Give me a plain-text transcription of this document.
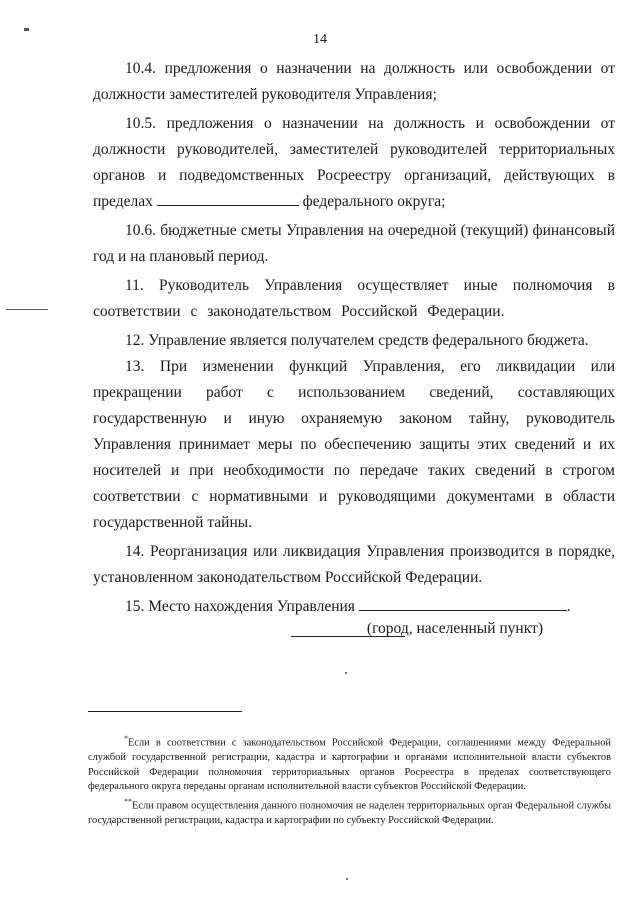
14

10.4. предложения о назначении на должность или освобождении от должности заместителей руководителя Управления;

10.5. предложения о назначении на должность и освобождении от должности руководителей, заместителей руководителей территориальных органов и подведомственных Росреестру организаций, действующих в пределах	федерального округа;

10.6. бюджетные сметы Управления на очередной (текущий) финансовый год и на плановый период.

11. Руководитель Управления осуществляет иные полномочия в соответствии с законодательством Российской Федерации.

12. Управление является получателем средств федерального бюджета.

13. При изменении функций Управления, его ликвидации или прекращении работ с использованием сведений, составляющих государственную и иную охраняемую законом тайну, руководитель Управления принимает меры по обеспечению защиты этих сведений и их носителей и при необходимости по передаче таких сведений в строгом соответствии с нормативными и руководящими документами в области государственной тайны.

14. Реорганизация или ликвидация Управления производится в порядке, установленном законодательством Российской Федерации.

15. Место нахождения Управления	.

(город, населенный пункт)

*Если в соответствии с законодательством Российской Федерации, соглашениями между Федеральной службой государственной регистрации, кадастра и картографии и органами исполнительной власти субъектов Российской Федерации полномочия территориальных органов Росреестра в пределах соответствующего федерального округа переданы органам исполнительной власти субъектов Российской Федерации.

**Если правом осуществления данного полномочия не наделен территориальных орган Федеральной службы государственной регистрации, кадастра и картографии по субъекту Российской Федерации.
